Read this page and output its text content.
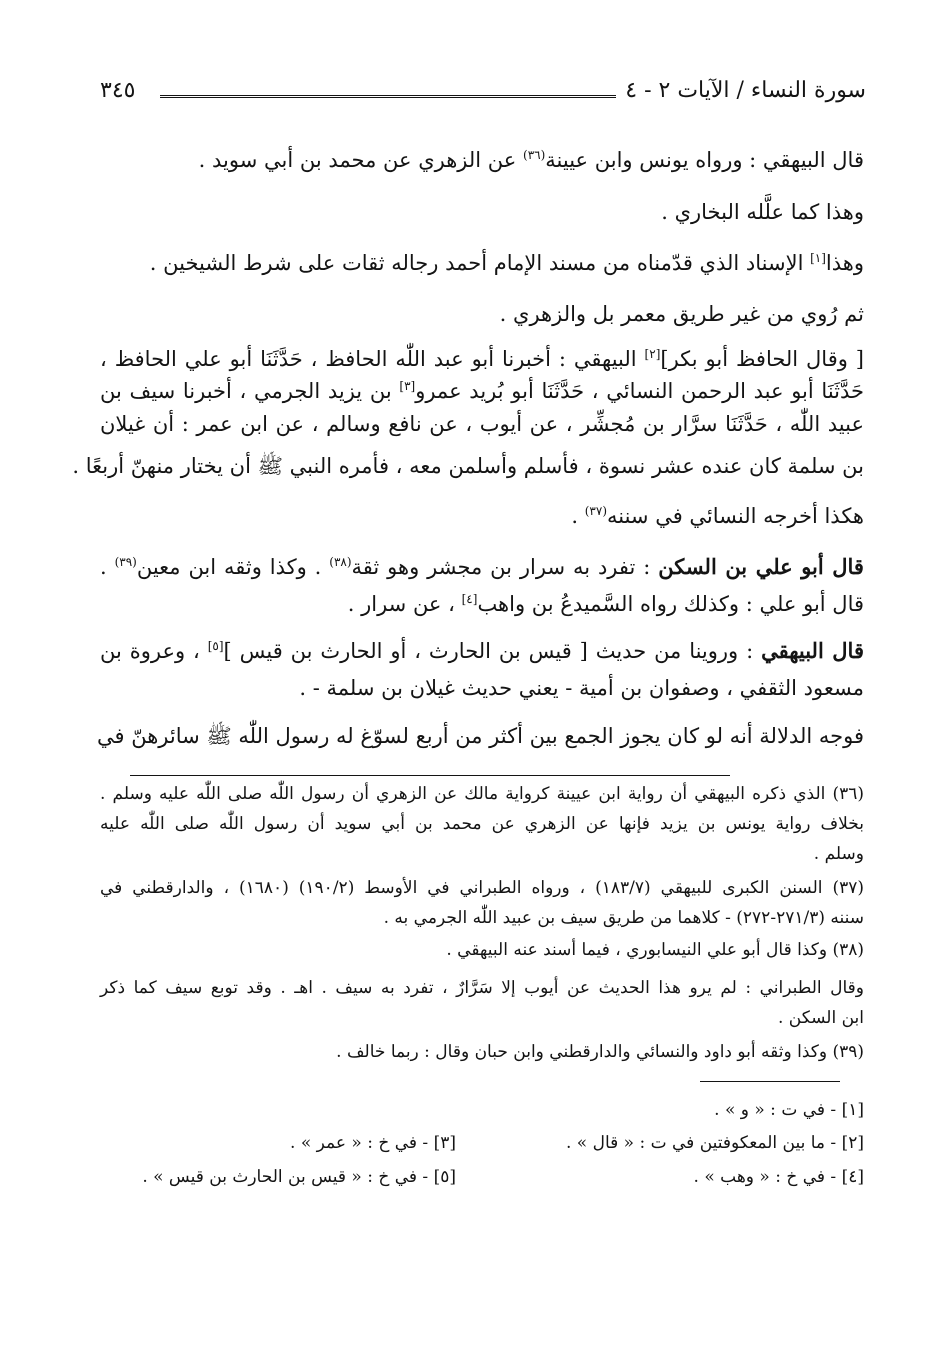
سورة النساء / الآيات ٢ - ٤
٣٤٥
قال البيهقي : ورواه يونس وابن عيينة$^{(٣٦)}$ عن الزهري عن محمد بن أبي سويد .
وهذا كما علَّله البخاري .
وهذا[١] الإسناد الذي قدّمناه من مسند الإمام أحمد رجاله ثقات على شرط الشيخين .
ثم رُوي من غير طريق معمر بل والزهري .
[ وقال الحافظ أبو بكر][٢] البيهقي : أخبرنا أبو عبد اللّٰه الحافظ ، حَدَّثَنَا أبو علي الحافظ ،
حَدَّثَنَا أبو عبد الرحمن النسائي ، حَدَّثَنَا أبو بُريد عمرو[٣] بن يزيد الجرمي ، أخبرنا سيف بن
عبيد اللّٰه ، حَدَّثَنَا سرَّار بن مُجشِّر ، عن أيوب ، عن نافع وسالم ، عن ابن عمر : أن غيلان
بن سلمة كان عنده عشر نسوة ، فأسلم وأسلمن معه ، فأمره النبي ﷺ أن يختار منهنّ أربعًا .
هكذا أخرجه النسائي في سننه$^{(٣٧)}$ .
قال أبو علي بن السكن : تفرد به سرار بن مجشر وهو ثقة$^{(٣٨)}$ . وكذا وثقه ابن معين$^{(٣٩)}$ .
قال أبو علي : وكذلك رواه السَّميدعُ بن واهب[٤] ، عن سرار .
قال البيهقي : وروينا من حديث [ قيس بن الحارث ، أو الحارث بن قيس ][٥] ، وعروة بن
مسعود الثقفي ، وصفوان بن أمية - يعني حديث غيلان بن سلمة - .
فوجه الدلالة أنه لو كان يجوز الجمع بين أكثر من أربع لسوّغ له رسول اللّٰه ﷺ سائرهنّ في
(٣٦) الذي ذكره البيهقي أن رواية ابن عيينة كرواية مالك عن الزهري أن رسول اللّٰه صلى اللّٰه عليه وسلم .
بخلاف رواية يونس بن يزيد فإنها عن الزهري عن محمد بن أبي سويد أن رسول اللّٰه صلى اللّٰه عليه
وسلم .
(٣٧) السنن الكبرى للبيهقي (١٨٣/٧) ، ورواه الطبراني في الأوسط (١٩٠/٢) (١٦٨٠) ، والدارقطني في
سننه (٢٧١/٣-٢٧٢) - كلاهما من طريق سيف بن عبيد اللّٰه الجرمي به .
(٣٨) وكذا قال أبو علي النيسابوري ، فيما أسند عنه البيهقي .
وقال الطبراني : لم يرو هذا الحديث عن أيوب إلا سَرَّارٌ ، تفرد به سيف . اهـ . وقد توبع سيف كما ذكر
ابن السكن .
(٣٩) وكذا وثقه أبو داود والنسائي والدارقطني وابن حبان وقال : ربما خالف .
[١] - في ت : « و » .
[٢] - ما بين المعكوفتين في ت : « قال » .
[٣] - في خ : « عمر » .
[٤] - في خ : « وهب » .
[٥] - في خ : « قيس بن الحارث بن قيس » .
